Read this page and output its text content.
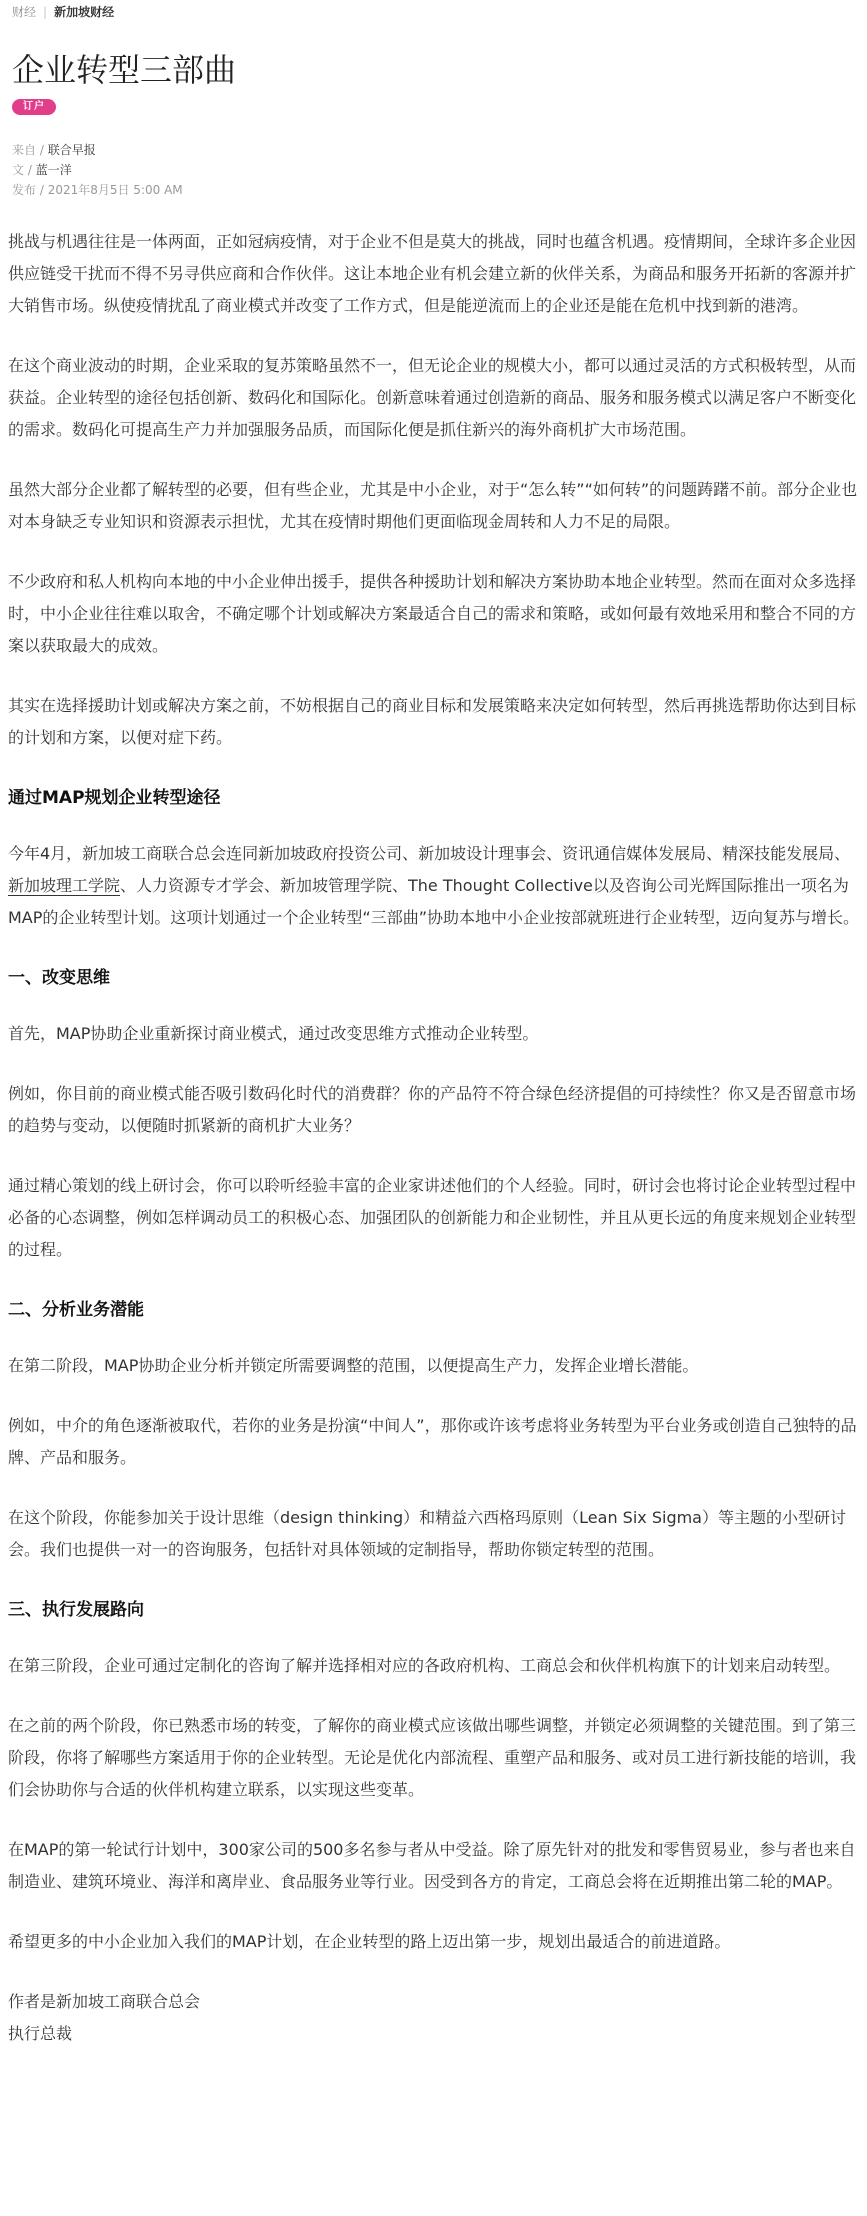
财经 | 新加坡财经
企业转型三部曲
订户
来自 / 联合早报
文 / 蓝一洋
发布 / 2021年8月5日 5:00 AM

挑战与机遇往往是一体两面，正如冠病疫情，对于企业不但是莫大的挑战，同时也蕴含机遇。疫情期间，全球许多企业因供应链受干扰而不得不另寻供应商和合作伙伴。这让本地企业有机会建立新的伙伴关系，为商品和服务开拓新的客源并扩大销售市场。纵使疫情扰乱了商业模式并改变了工作方式，但是能逆流而上的企业还是能在危机中找到新的港湾。

在这个商业波动的时期，企业采取的复苏策略虽然不一，但无论企业的规模大小，都可以通过灵活的方式积极转型，从而获益。企业转型的途径包括创新、数码化和国际化。创新意味着通过创造新的商品、服务和服务模式以满足客户不断变化的需求。数码化可提高生产力并加强服务品质，而国际化便是抓住新兴的海外商机扩大市场范围。

虽然大部分企业都了解转型的必要，但有些企业，尤其是中小企业，对于“怎么转”“如何转”的问题踌躇不前。部分企业也对本身缺乏专业知识和资源表示担忧，尤其在疫情时期他们更面临现金周转和人力不足的局限。

不少政府和私人机构向本地的中小企业伸出援手，提供各种援助计划和解决方案协助本地企业转型。然而在面对众多选择时，中小企业往往难以取舍，不确定哪个计划或解决方案最适合自己的需求和策略，或如何最有效地采用和整合不同的方案以获取最大的成效。

其实在选择援助计划或解决方案之前，不妨根据自己的商业目标和发展策略来决定如何转型，然后再挑选帮助你达到目标的计划和方案，以便对症下药。

通过MAP规划企业转型途径

今年4月，新加坡工商联合总会连同新加坡政府投资公司、新加坡设计理事会、资讯通信媒体发展局、精深技能发展局、新加坡理工学院、人力资源专才学会、新加坡管理学院、The Thought Collective以及咨询公司光辉国际推出一项名为MAP的企业转型计划。这项计划通过一个企业转型“三部曲”协助本地中小企业按部就班进行企业转型，迈向复苏与增长。

一、改变思维

首先，MAP协助企业重新探讨商业模式，通过改变思维方式推动企业转型。

例如，你目前的商业模式能否吸引数码化时代的消费群？你的产品符不符合绿色经济提倡的可持续性？你又是否留意市场的趋势与变动，以便随时抓紧新的商机扩大业务？

通过精心策划的线上研讨会，你可以聆听经验丰富的企业家讲述他们的个人经验。同时，研讨会也将讨论企业转型过程中必备的心态调整，例如怎样调动员工的积极心态、加强团队的创新能力和企业韧性，并且从更长远的角度来规划企业转型的过程。

二、分析业务潜能

在第二阶段，MAP协助企业分析并锁定所需要调整的范围，以便提高生产力，发挥企业增长潜能。

例如，中介的角色逐渐被取代，若你的业务是扮演“中间人”，那你或许该考虑将业务转型为平台业务或创造自己独特的品牌、产品和服务。

在这个阶段，你能参加关于设计思维（design thinking）和精益六西格玛原则（Lean Six Sigma）等主题的小型研讨会。我们也提供一对一的咨询服务，包括针对具体领域的定制指导，帮助你锁定转型的范围。

三、执行发展路向

在第三阶段，企业可通过定制化的咨询了解并选择相对应的各政府机构、工商总会和伙伴机构旗下的计划来启动转型。

在之前的两个阶段，你已熟悉市场的转变，了解你的商业模式应该做出哪些调整，并锁定必须调整的关键范围。到了第三阶段，你将了解哪些方案适用于你的企业转型。无论是优化内部流程、重塑产品和服务、或对员工进行新技能的培训，我们会协助你与合适的伙伴机构建立联系，以实现这些变革。

在MAP的第一轮试行计划中，300家公司的500多名参与者从中受益。除了原先针对的批发和零售贸易业，参与者也来自制造业、建筑环境业、海洋和离岸业、食品服务业等行业。因受到各方的肯定，工商总会将在近期推出第二轮的MAP。

希望更多的中小企业加入我们的MAP计划，在企业转型的路上迈出第一步，规划出最适合的前进道路。

作者是新加坡工商联合总会

执行总裁
